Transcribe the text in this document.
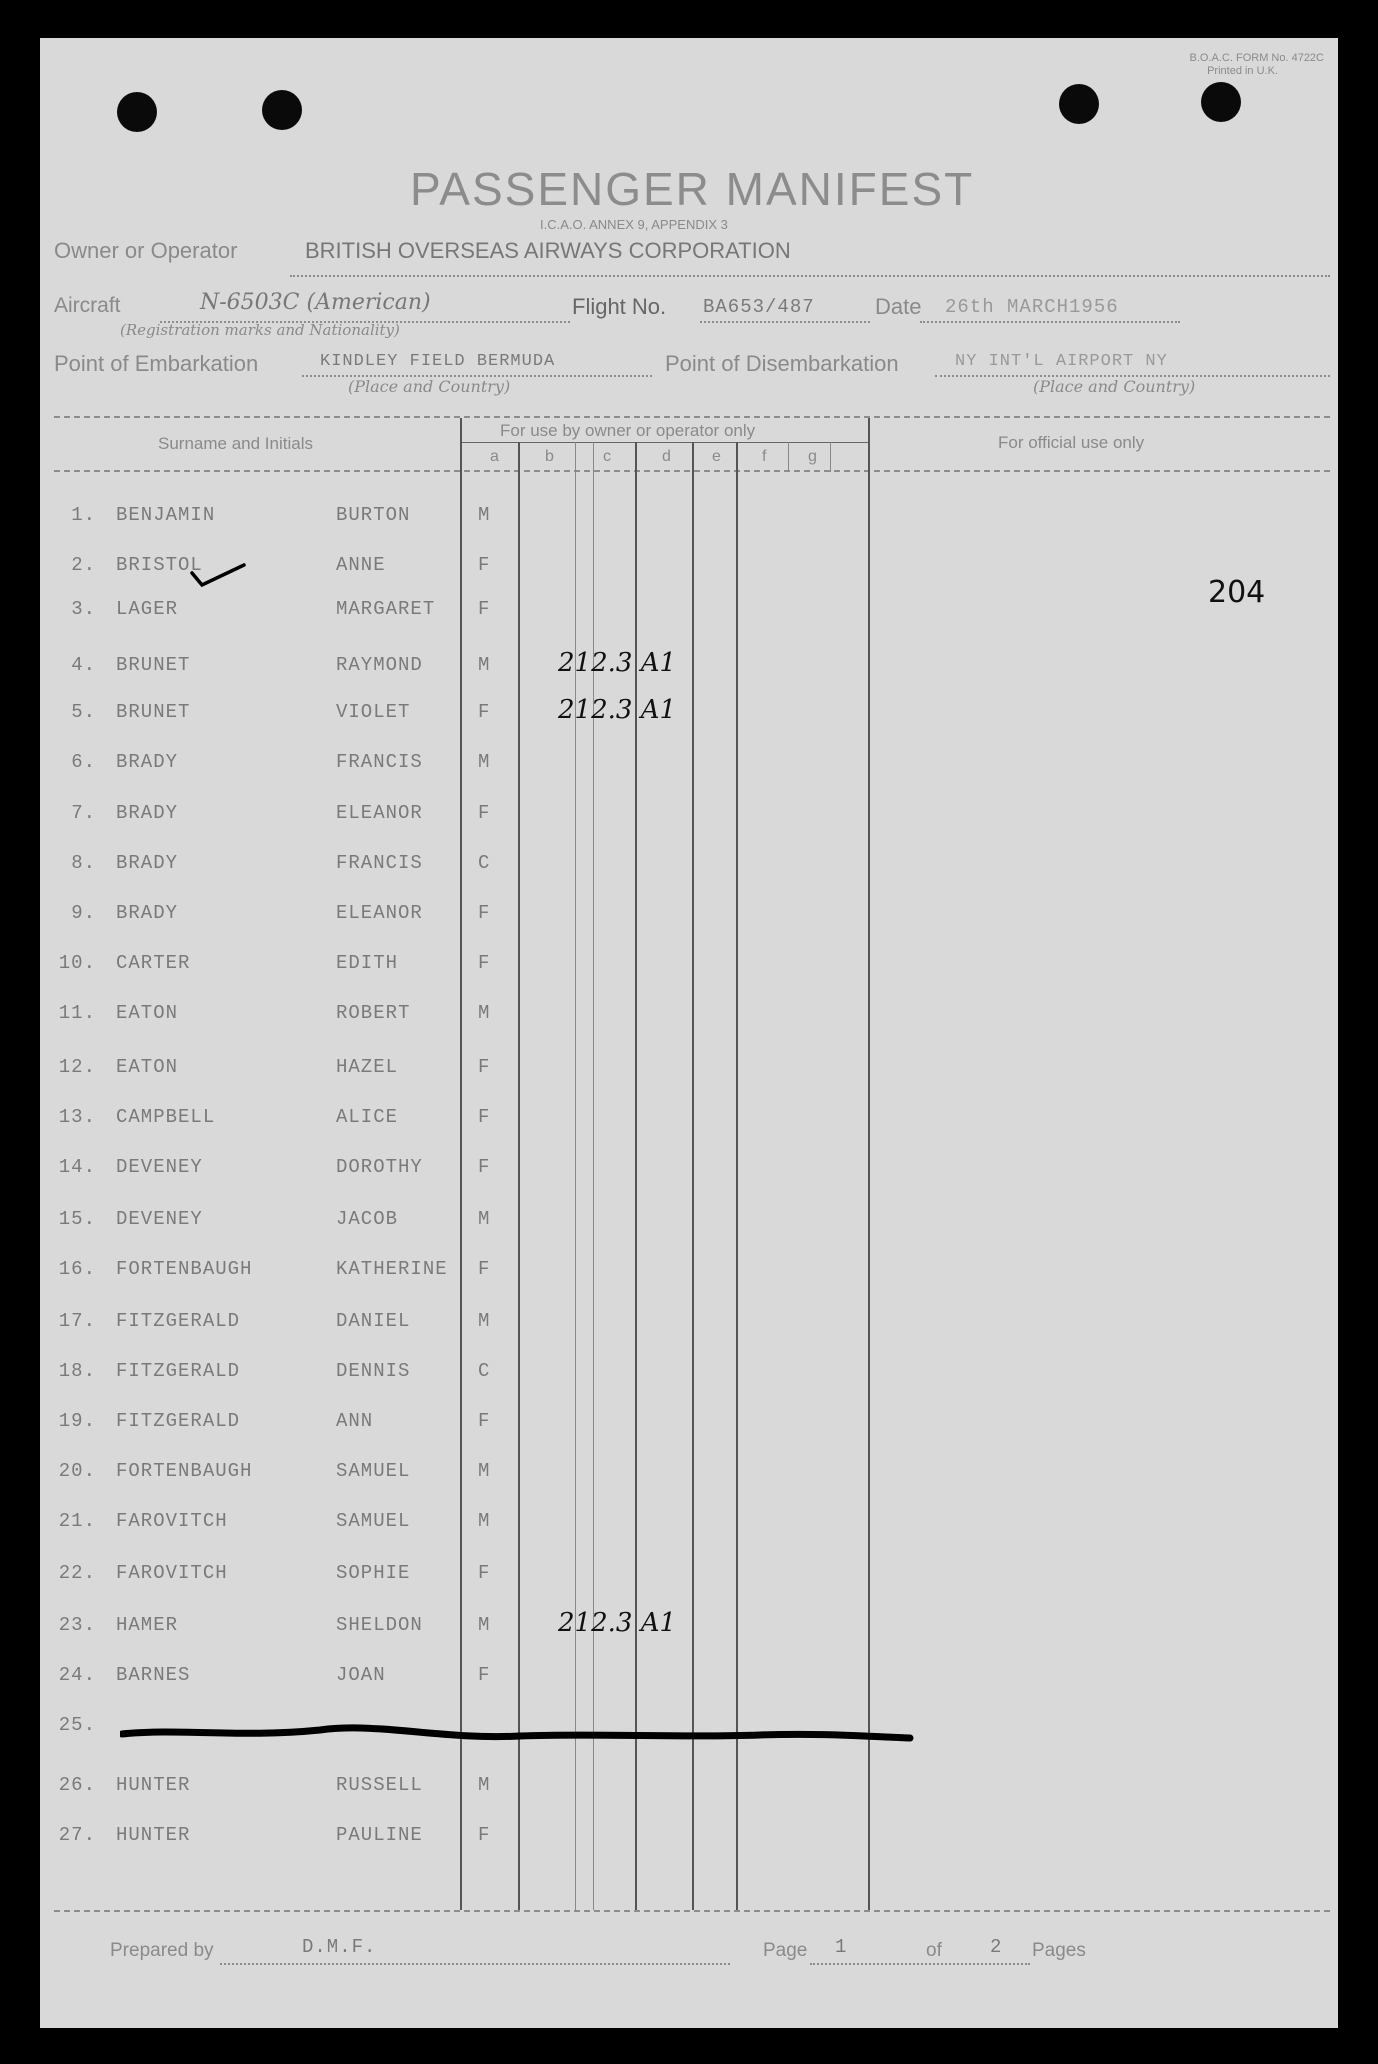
B.O.A.C. FORM No. 4722C
Printed in U.K.
PASSENGER MANIFEST
I.C.A.O. ANNEX 9, APPENDIX 3
Owner or Operator	BRITISH OVERSEAS AIRWAYS CORPORATION
Aircraft	N-6503C (American)
(Registration marks and Nationality)
Flight No. BA653/487	Date 26th MARCH1956
Point of Embarkation	KINDLEY FIELD BERMUDA
(Place and Country)
Point of Disembarkation	NY INT'L AIRPORT NY
(Place and Country)
Surname and Initials
For use by owner or operator only
For official use only
a	b	c	d	e	f	g
204
1. BENJAMIN	BURTON	M
2. BRISTOL	ANNE	F
3. LAGER	MARGARET F
4. BRUNET	RAYMOND	M	212.3 A1
5. BRUNET	VIOLET	F	212.3 A1
6. BRADY	FRANCIS	M
7. BRADY	ELEANOR	F
8. BRADY	FRANCIS	C
9. BRADY	ELEANOR	F
10. CARTER	EDITH	F
11. EATON	ROBERT	M
12. EATON	HAZEL	F
13. CAMPBELL	ALICE	F
14. DEVENEY	DOROTHY	F
15. DEVENEY	JACOB	M
16. FORTENBAUGH	KATHERINE F
17. FITZGERALD	DANIEL	M
18. FITZGERALD	DENNIS	C
19. FITZGERALD	ANN	F
20. FORTENBAUGH	SAMUEL	M
21. FAROVITCH	SAMUEL	M
22. FAROVITCH	SOPHIE	F
23. HAMER	SHELDON	M	212.3 A1
24. BARNES	JOAN	F
25.
26. HUNTER	RUSSELL	M
27. HUNTER	PAULINE	F
Prepared by	D.M.F.	Page 1	of	2 Pages
